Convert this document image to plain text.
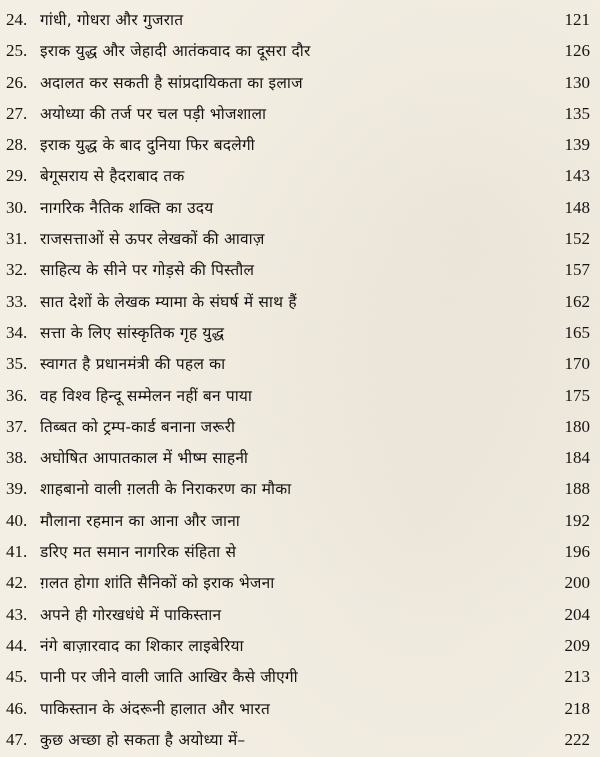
24. गांधी, गोधरा और गुजरात	121
25. इराक युद्ध और जेहादी आतंकवाद का दूसरा दौर	126
26. अदालत कर सकती है सांप्रदायिकता का इलाज	130
27. अयोध्या की तर्ज पर चल पड़ी भोजशाला	135
28. इराक युद्ध के बाद दुनिया फिर बदलेगी	139
29. बेगूसराय से हैदराबाद तक	143
30. नागरिक नैतिक शक्ति का उदय	148
31. राजसत्ताओं से ऊपर लेखकों की आवाज़	152
32. साहित्य के सीने पर गोड़से की पिस्तौल	157
33. सात देशों के लेखक म्यामा के संघर्ष में साथ हैं	162
34. सत्ता के लिए सांस्कृतिक गृह युद्ध	165
35. स्वागत है प्रधानमंत्री की पहल का	170
36. वह विश्व हिन्दू सम्मेलन नहीं बन पाया	175
37. तिब्बत को ट्रम्प-कार्ड बनाना जरूरी	180
38. अघोषित आपातकाल में भीष्म साहनी	184
39. शाहबानो वाली ग़लती के निराकरण का मौका	188
40. मौलाना रहमान का आना और जाना	192
41. डरिए मत समान नागरिक संहिता से	196
42. ग़लत होगा शांति सैनिकों को इराक भेजना	200
43. अपने ही गोरखधंधे में पाकिस्तान	204
44. नंगे बाज़ारवाद का शिकार लाइबेरिया	209
45. पानी पर जीने वाली जाति आखिर कैसे जीएगी	213
46. पाकिस्तान के अंदरूनी हालात और भारत	218
47. कुछ अच्छा हो सकता है अयोध्या में–	222
